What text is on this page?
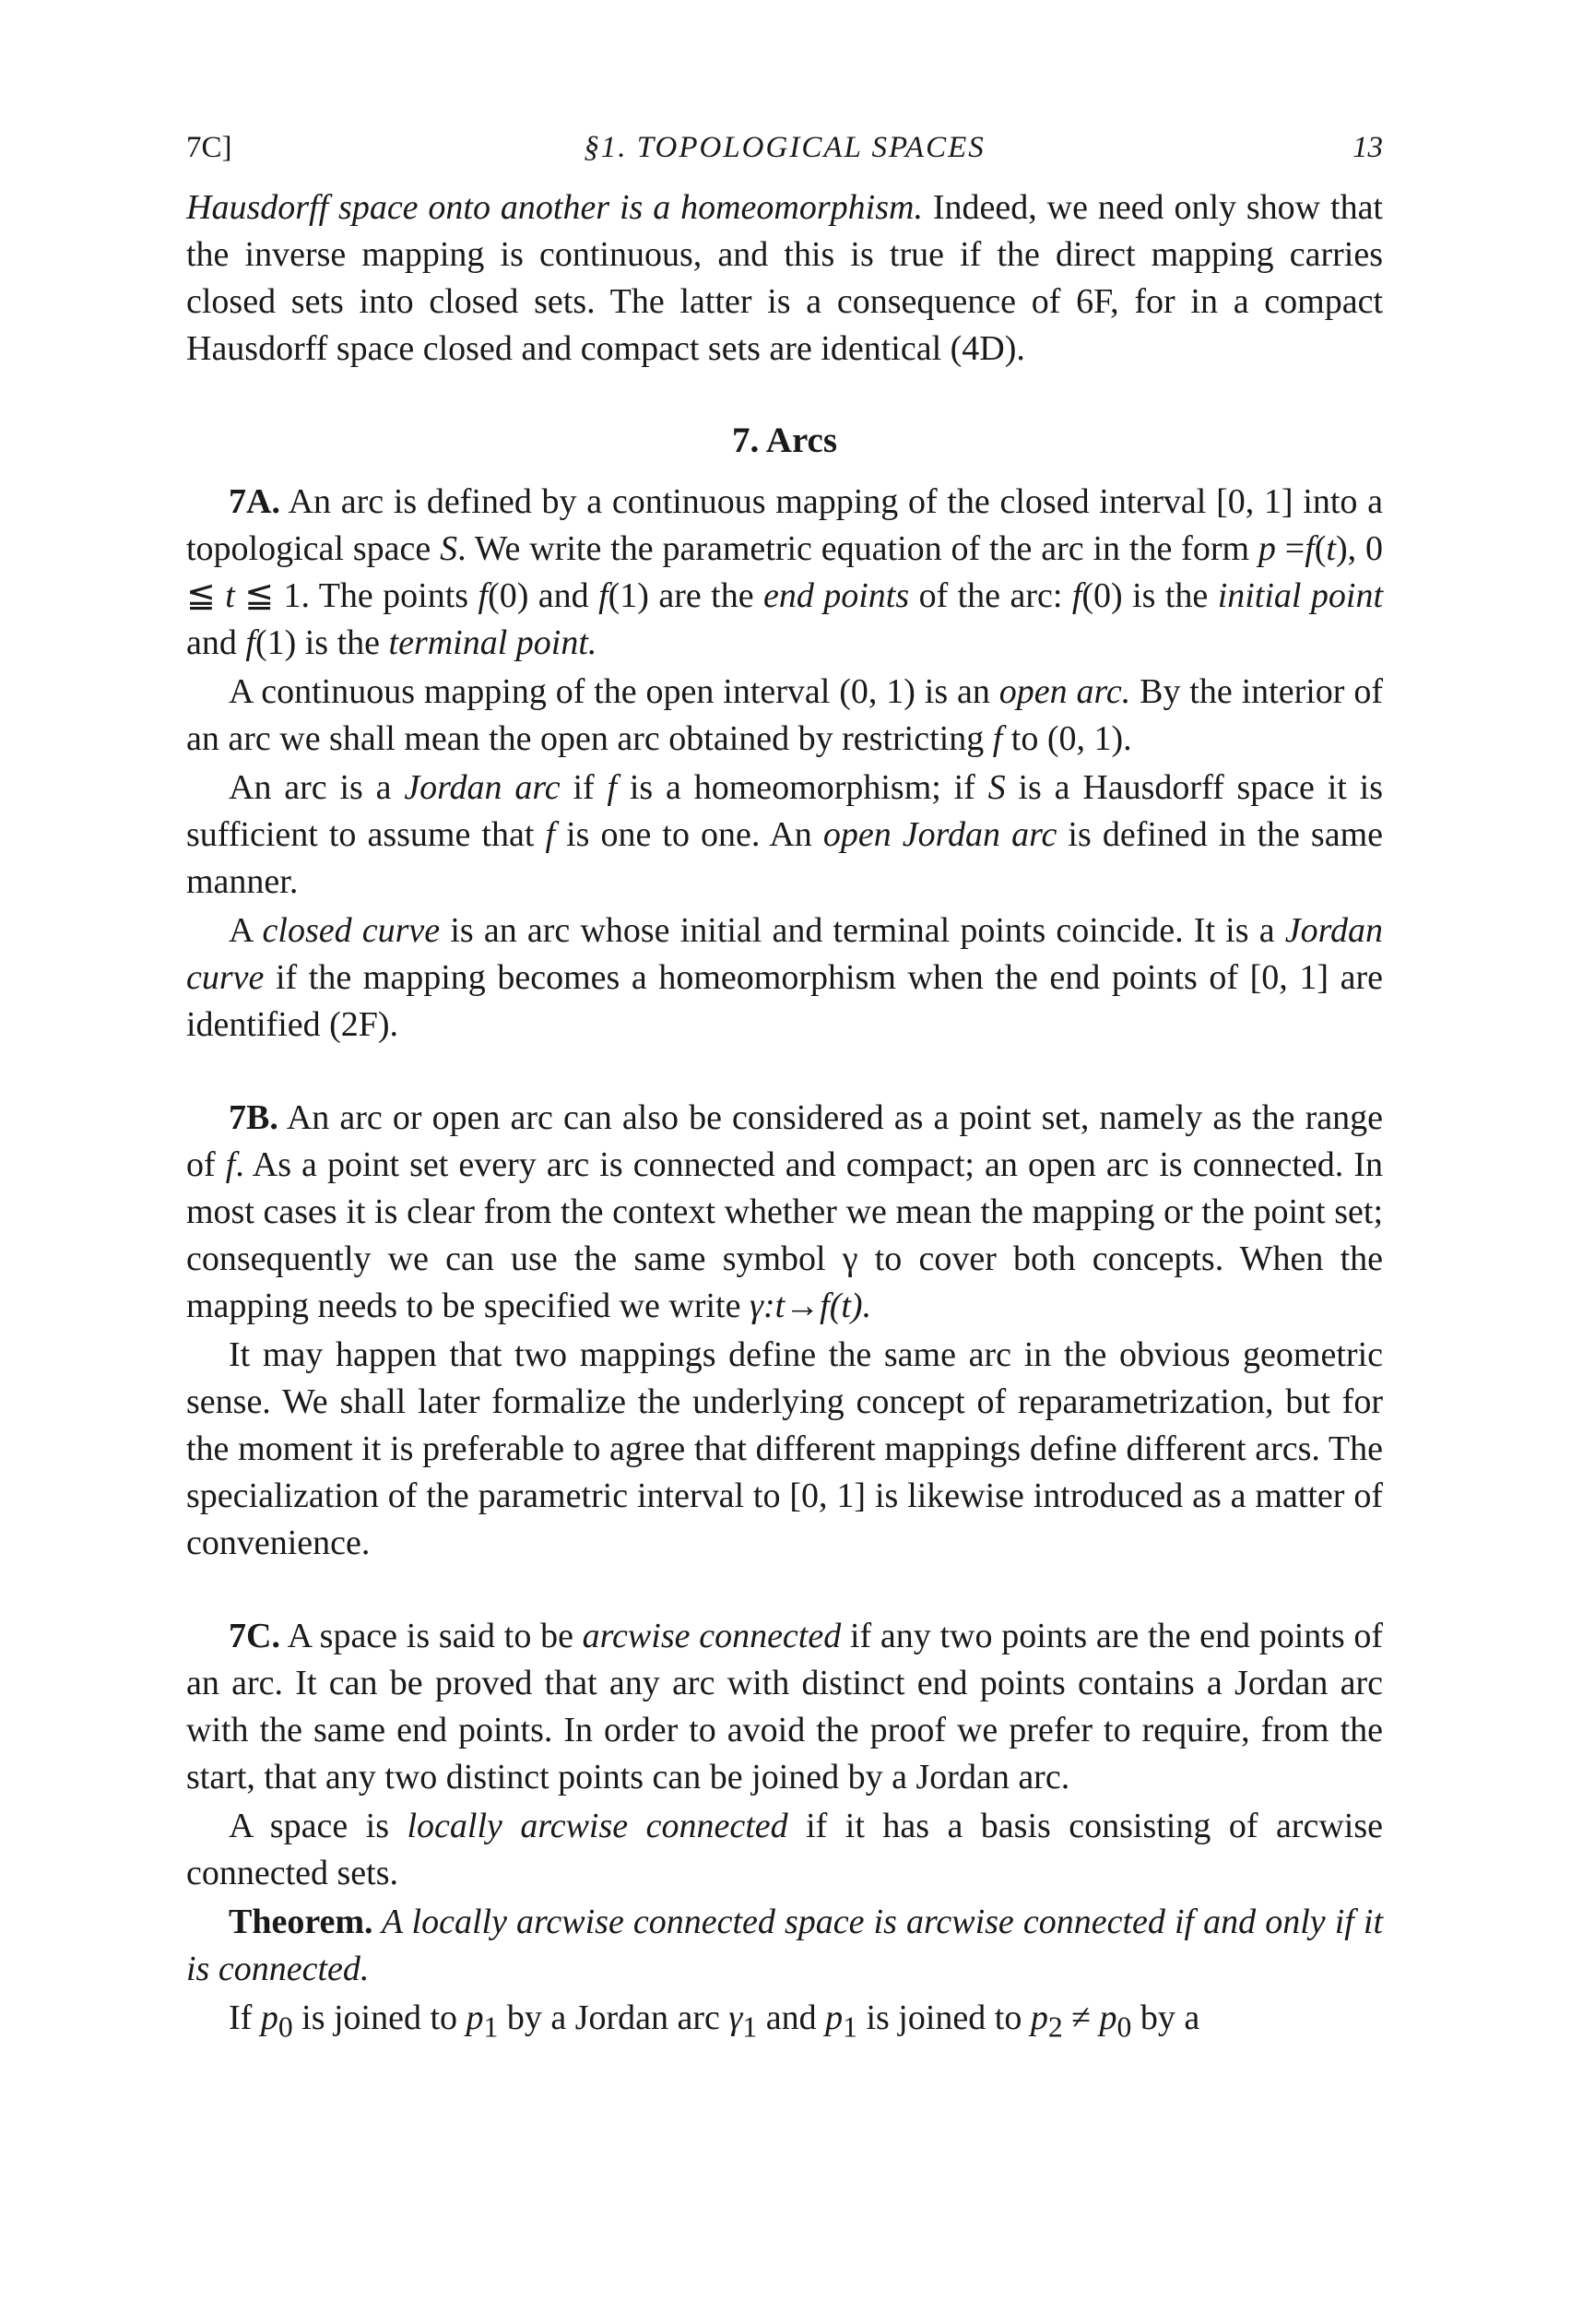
7C]	§1. TOPOLOGICAL SPACES	13

Hausdorff space onto another is a homeomorphism. Indeed, we need only show that the inverse mapping is continuous, and this is true if the direct mapping carries closed sets into closed sets. The latter is a consequence of 6F, for in a compact Hausdorff space closed and compact sets are identical (4D).

7. Arcs

7A. An arc is defined by a continuous mapping of the closed interval [0, 1] into a topological space S. We write the parametric equation of the arc in the form p =f(t), 0 ≦ t ≦ 1. The points f(0) and f(1) are the end points of the arc: f(0) is the initial point and f(1) is the terminal point.

A continuous mapping of the open interval (0, 1) is an open arc. By the interior of an arc we shall mean the open arc obtained by restricting f to (0, 1).

An arc is a Jordan arc if f is a homeomorphism; if S is a Hausdorff space it is sufficient to assume that f is one to one. An open Jordan arc is defined in the same manner.

A closed curve is an arc whose initial and terminal points coincide. It is a Jordan curve if the mapping becomes a homeomorphism when the end points of [0, 1] are identified (2F).

7B. An arc or open arc can also be considered as a point set, namely as the range of f. As a point set every arc is connected and compact; an open arc is connected. In most cases it is clear from the context whether we mean the mapping or the point set; consequently we can use the same symbol γ to cover both concepts. When the mapping needs to be specified we write γ:t→f(t).

It may happen that two mappings define the same arc in the obvious geometric sense. We shall later formalize the underlying concept of reparametrization, but for the moment it is preferable to agree that different mappings define different arcs. The specialization of the parametric interval to [0, 1] is likewise introduced as a matter of convenience.

7C. A space is said to be arcwise connected if any two points are the end points of an arc. It can be proved that any arc with distinct end points contains a Jordan arc with the same end points. In order to avoid the proof we prefer to require, from the start, that any two distinct points can be joined by a Jordan arc.

A space is locally arcwise connected if it has a basis consisting of arcwise connected sets.

Theorem. A locally arcwise connected space is arcwise connected if and only if it is connected.

If $p_0$ is joined to $p_1$ by a Jordan arc $\gamma_1$ and $p_1$ is joined to $p_2 \ne p_0$ by a
